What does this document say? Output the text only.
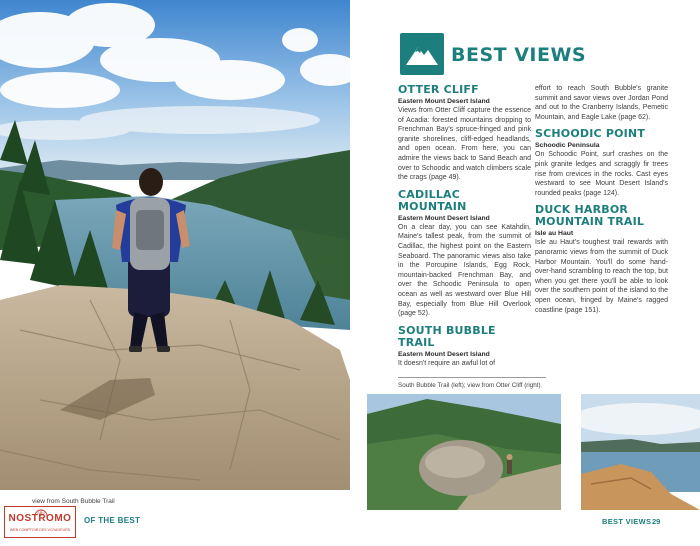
view from South Bubble Trail
OF THE BEST
NOSTROMO
WEB COMPTOIR DES VOYAGEURS
BEST VIEWS
OTTER CLIFF
Eastern Mount Desert Island
Views from Otter Cliff capture the essence of Acadia: forested mountains dropping to Frenchman Bay's spruce-fringed and pink granite shorelines, cliff-edged headlands, and open ocean. From here, you can admire the views back to Sand Beach and over to Schoodic and watch climbers scale the crags (page 49).
CADILLAC MOUNTAIN
Eastern Mount Desert Island
On a clear day, you can see Katahdin, Maine's tallest peak, from the summit of Cadillac, the highest point on the Eastern Seaboard. The panoramic views also take in the Porcupine Islands, Egg Rock, mountain-backed Frenchman Bay, and over the Schoodic Peninsula to open ocean as well as westward over Blue Hill Bay, especially from Blue Hill Overlook (page 52).
SOUTH BUBBLE TRAIL
Eastern Mount Desert Island
It doesn't require an awful lot of
effort to reach South Bubble's granite summit and savor views over Jordan Pond and out to the Cranberry Islands, Pemetic Mountain, and Eagle Lake (page 62).
SCHOODIC POINT
Schoodic Peninsula
On Schoodic Point, surf crashes on the pink granite ledges and scraggly fir trees rise from crevices in the rocks. Cast eyes westward to see Mount Desert Island's rounded peaks (page 124).
DUCK HARBOR MOUNTAIN TRAIL
Isle au Haut
Isle au Haut's toughest trail rewards with panoramic views from the summit of Duck Harbor Mountain. You'll do some hand-over-hand scrambling to reach the top, but when you get there you'll be able to look over the southern point of the island to the open ocean, fringed by Maine's ragged coastline (page 151).
South Bubble Trail (left); view from Otter Cliff (right)
BEST VIEWS 29
